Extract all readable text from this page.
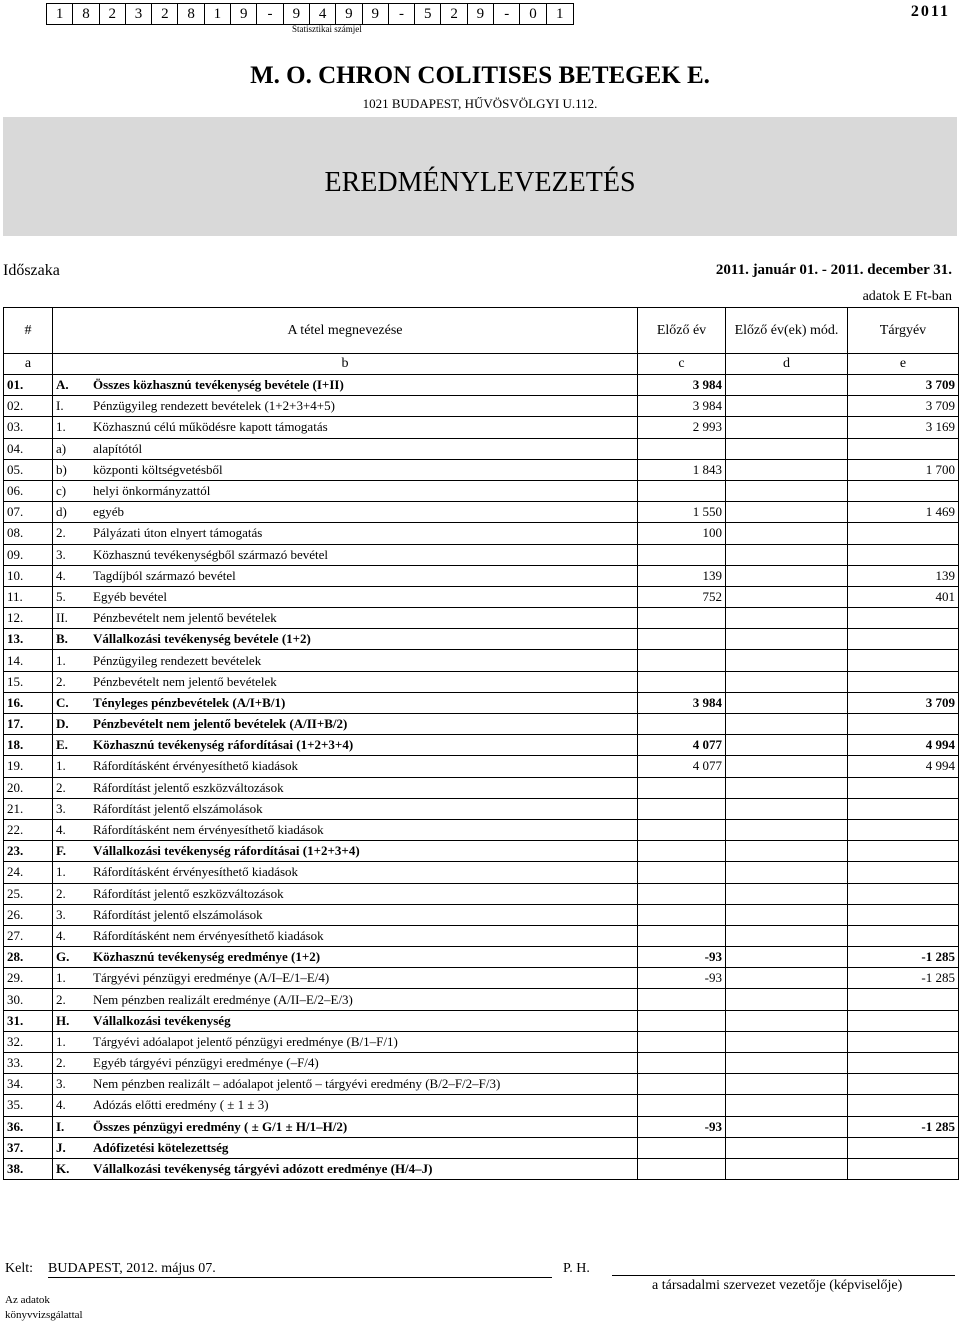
1	8	2	3	2	8	1	9	-	9	4	9	9	-	5	2	9	-	0	1
Statisztikai számjel
2011
M. O. CHRON COLITISES BETEGEK E.
1021 BUDAPEST, HŰVÖSVÖLGYI U.112.
EREDMÉNYLEVEZETÉS
Időszaka	2011. január 01. - 2011. december 31.
adatok E Ft-ban
#	A tétel megnevezése	Előző év	Előző év(ek) mód.	Tárgyév
a	b	c	d	e
01.	A. Összes közhasznú tevékenység bevétele (I+II)	3 984		3 709
02.	I. Pénzügyileg rendezett bevételek (1+2+3+4+5)	3 984		3 709
03.	1. Közhasznú célú működésre kapott támogatás	2 993		3 169
04.	a) alapítótól			
05.	b) központi költségvetésből	1 843		1 700
06.	c) helyi önkormányzattól			
07.	d) egyéb	1 550		1 469
08.	2. Pályázati úton elnyert támogatás	100		
09.	3. Közhasznú tevékenységből származó bevétel			
10.	4. Tagdíjból származó bevétel	139		139
11.	5. Egyéb bevétel	752		401
12.	II. Pénzbevételt nem jelentő bevételek			
13.	B. Vállalkozási tevékenység bevétele (1+2)			
14.	1. Pénzügyileg rendezett bevételek			
15.	2. Pénzbevételt nem jelentő bevételek			
16.	C. Tényleges pénzbevételek (A/I+B/1)	3 984		3 709
17.	D. Pénzbevételt nem jelentő bevételek (A/II+B/2)			
18.	E. Közhasznú tevékenység ráfordításai (1+2+3+4)	4 077		4 994
19.	1. Ráfordításként érvényesíthető kiadások	4 077		4 994
20.	2. Ráfordítást jelentő eszközváltozások			
21.	3. Ráfordítást jelentő elszámolások			
22.	4. Ráfordításként nem érvényesíthető kiadások			
23.	F. Vállalkozási tevékenység ráfordításai (1+2+3+4)			
24.	1. Ráfordításként érvényesíthető kiadások			
25.	2. Ráfordítást jelentő eszközváltozások			
26.	3. Ráfordítást jelentő elszámolások			
27.	4. Ráfordításként nem érvényesíthető kiadások			
28.	G. Közhasznú tevékenység eredménye (1+2)	-93		-1 285
29.	1. Tárgyévi pénzügyi eredménye (A/I–E/1–E/4)	-93		-1 285
30.	2. Nem pénzben realizált eredménye (A/II–E/2–E/3)			
31.	H. Vállalkozási tevékenység			
32.	1. Tárgyévi adóalapot jelentő pénzügyi eredménye (B/1–F/1)			
33.	2. Egyéb tárgyévi pénzügyi eredménye (–F/4)			
34.	3. Nem pénzben realizált – adóalapot jelentő – tárgyévi eredmény (B/2–F/2–F/3)			
35.	4. Adózás előtti eredmény ( ± 1 ± 3)			
36.	I. Összes pénzügyi eredmény ( ± G/1 ± H/1–H/2)	-93		-1 285
37.	J. Adófizetési kötelezettség			
38.	K. Vállalkozási tevékenység tárgyévi adózott eredménye (H/4–J)			
Kelt: BUDAPEST, 2012. május 07.	P. H.
a társadalmi szervezet vezetője (képviselője)
Az adatok
könyvvizsgálattal
